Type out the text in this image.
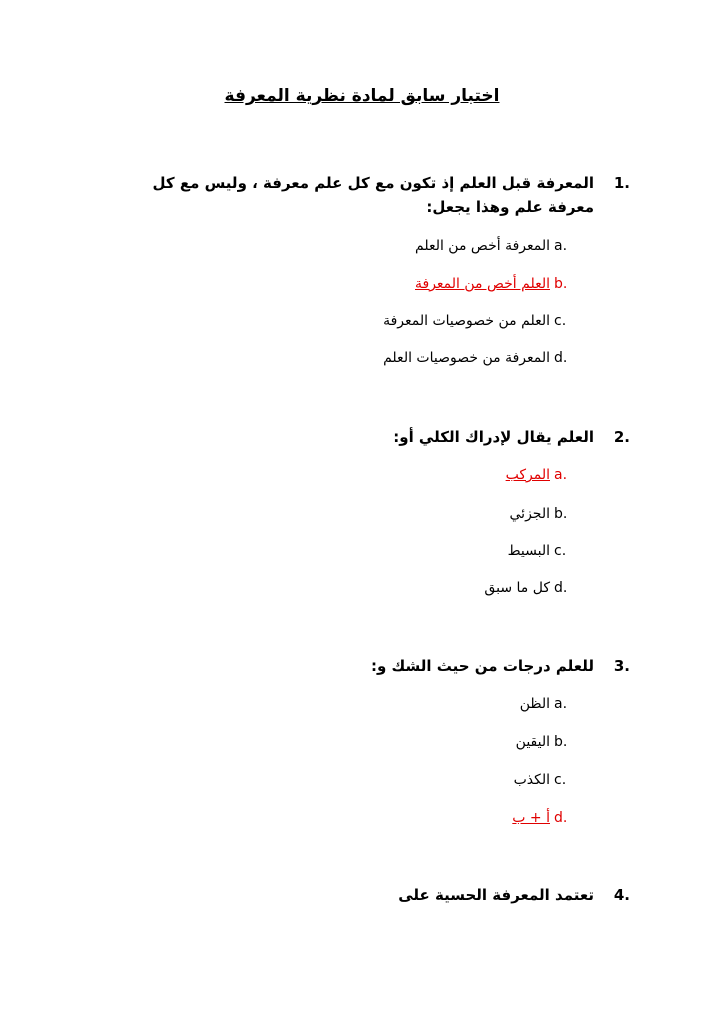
اختبار سابق لمادة نظرية المعرفة
1.
المعرفة قبل العلم إذ تكون مع كل علم معرفة ، وليس مع كل معرفة علم وهذا يجعل:
a.
المعرفة أخص من العلم
b.
العلم أخص من المعرفة
c.
العلم من خصوصيات المعرفة
d.
المعرفة من خصوصيات العلم
2.
العلم يقال لإدراك الكلي أو:
a.
المركب
b.
الجزئي
c.
البسيط
d.
كل ما سبق
3.
للعلم درجات من حيث الشك و:
a.
الظن
b.
اليقين
c.
الكذب
d.
أ + ب
4.
تعتمد المعرفة الحسية على
